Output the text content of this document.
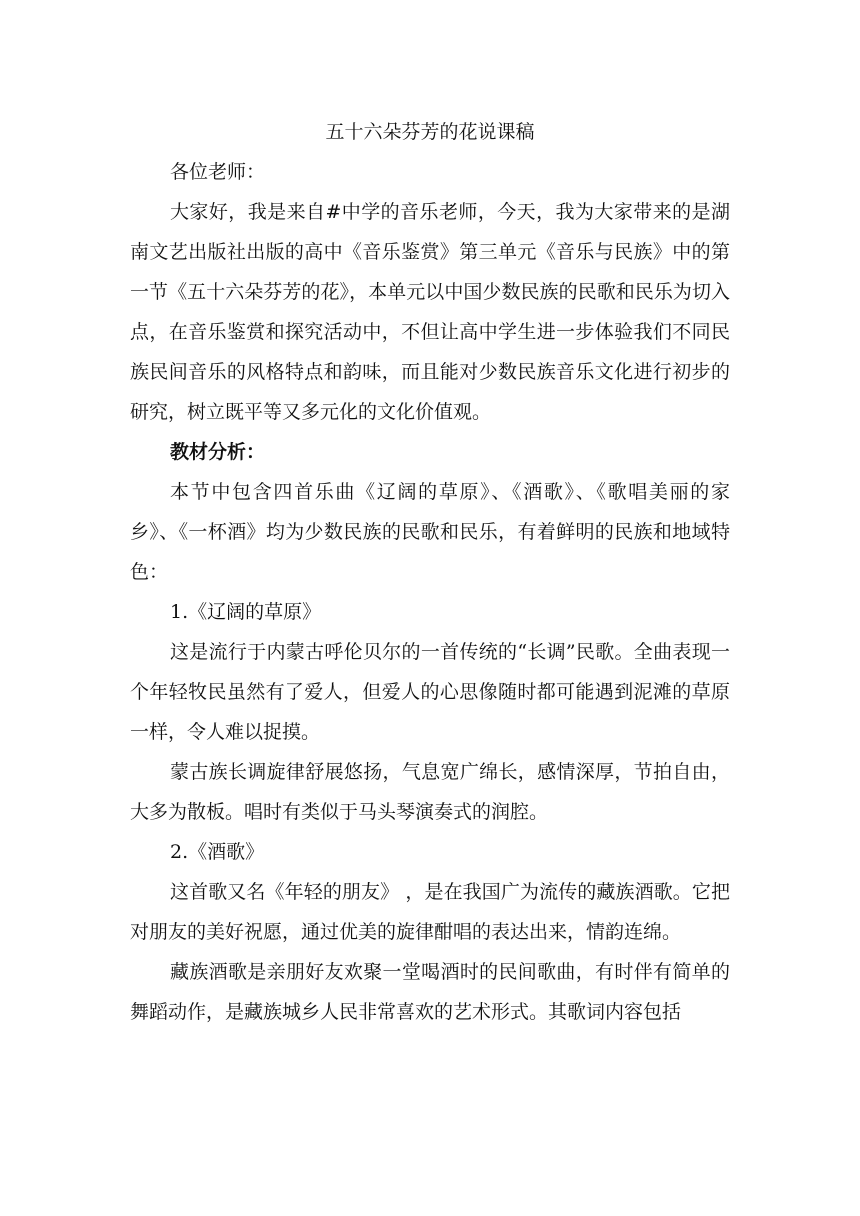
五十六朵芬芳的花说课稿

各位老师：

大家好，我是来自#中学的音乐老师，今天，我为大家带来的是湖南文艺出版社出版的高中《音乐鉴赏》第三单元《音乐与民族》中的第一节《五十六朵芬芳的花》，本单元以中国少数民族的民歌和民乐为切入点，在音乐鉴赏和探究活动中，不但让高中学生进一步体验我们不同民族民间音乐的风格特点和韵味，而且能对少数民族音乐文化进行初步的研究，树立既平等又多元化的文化价值观。

教材分析：

本节中包含四首乐曲《辽阔的草原》、《酒歌》、《歌唱美丽的家乡》、《一杯酒》均为少数民族的民歌和民乐，有着鲜明的民族和地域特色：

1.《辽阔的草原》

这是流行于内蒙古呼伦贝尔的一首传统的“长调”民歌。全曲表现一个年轻牧民虽然有了爱人，但爱人的心思像随时都可能遇到泥滩的草原一样，令人难以捉摸。

蒙古族长调旋律舒展悠扬，气息宽广绵长，感情深厚，节拍自由，大多为散板。唱时有类似于马头琴演奏式的润腔。

2.《酒歌》

这首歌又名《年轻的朋友》 ，是在我国广为流传的藏族酒歌。它把对朋友的美好祝愿，通过优美的旋律酣唱的表达出来，情韵连绵。

藏族酒歌是亲朋好友欢聚一堂喝酒时的民间歌曲，有时伴有简单的舞蹈动作，是藏族城乡人民非常喜欢的艺术形式。其歌词内容包括
